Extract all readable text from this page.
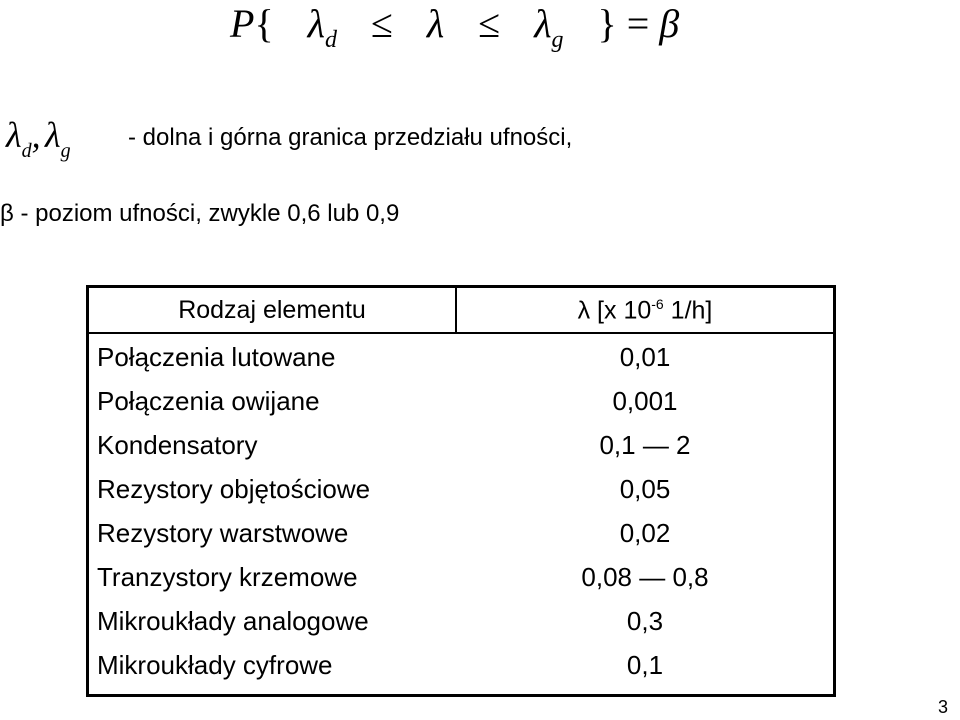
P{ $\lambda_d \le \lambda \le \lambda_g$ } = β
λd, λg - dolna i górna granica przedziału ufności,
β - poziom ufności, zwykle 0,6 lub 0,9
Rodzaj elementu	λ [x $10^{-6}$ 1/h]
Połączenia lutowane	0,01
Połączenia owijane	0,001
Kondensatory	0,1 — 2
Rezystory objętościowe	0,05
Rezystory warstwowe	0,02
Tranzystory krzemowe	0,08 — 0,8
Mikroukłady analogowe	0,3
Mikroukłady cyfrowe	0,1
3
